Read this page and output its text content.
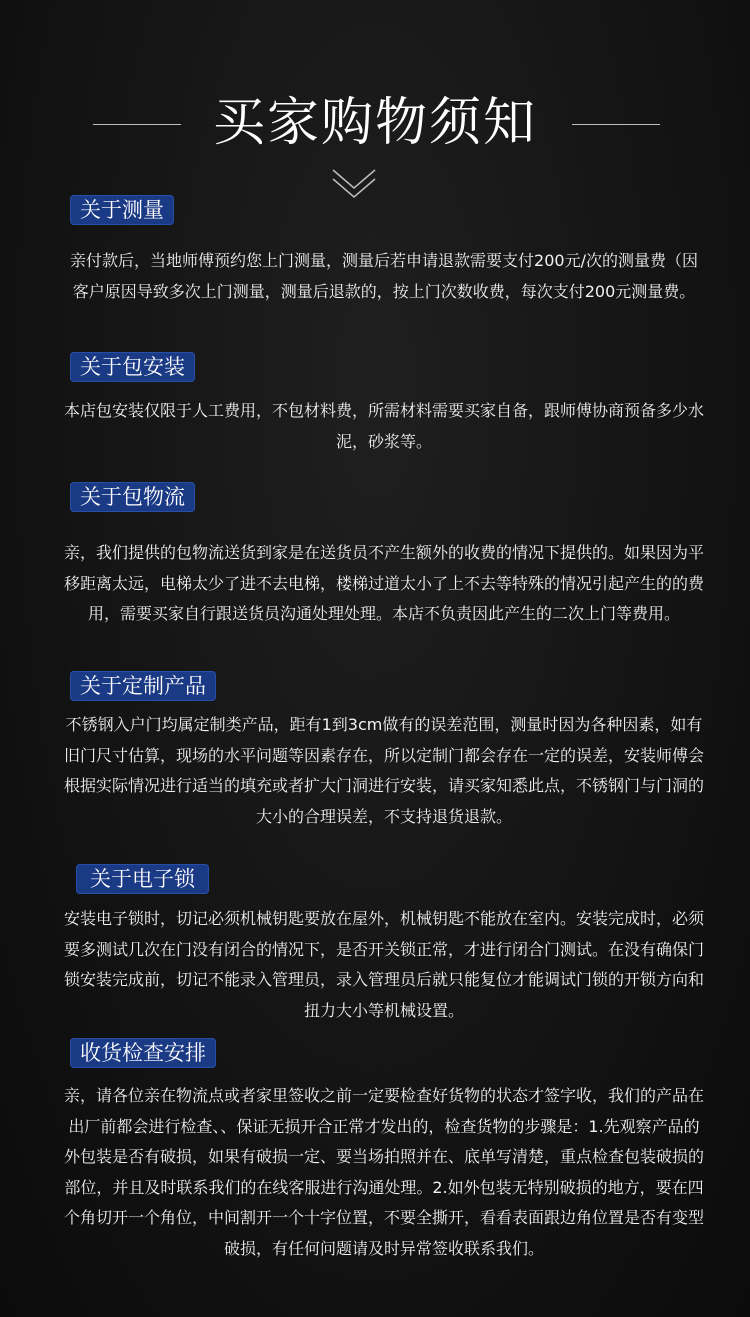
买家购物须知
关于测量
亲付款后，当地师傅预约您上门测量，测量后若申请退款需要支付200元/次的测量费（因客户原因导致多次上门测量，测量后退款的，按上门次数收费，每次支付200元测量费。
关于包安装
本店包安装仅限于人工费用，不包材料费，所需材料需要买家自备，跟师傅协商预备多少水泥，砂浆等。
关于包物流
亲，我们提供的包物流送货到家是在送货员不产生额外的收费的情况下提供的。如果因为平移距离太远，电梯太少了进不去电梯，楼梯过道太小了上不去等特殊的情况引起产生的的费用，需要买家自行跟送货员沟通处理处理。本店不负责因此产生的二次上门等费用。
关于定制产品
不锈钢入户门均属定制类产品，距有1到3cm做有的误差范围，测量时因为各种因素，如有旧门尺寸估算，现场的水平问题等因素存在，所以定制门都会存在一定的误差，安装师傅会根据实际情况进行适当的填充或者扩大门洞进行安装，请买家知悉此点，不锈钢门与门洞的大小的合理误差，不支持退货退款。
关于电子锁
安装电子锁时，切记必须机械钥匙要放在屋外，机械钥匙不能放在室内。安装完成时，必须要多测试几次在门没有闭合的情况下，是否开关锁正常，才进行闭合门测试。在没有确保门锁安装完成前，切记不能录入管理员，录入管理员后就只能复位才能调试门锁的开锁方向和扭力大小等机械设置。
收货检查安排
亲，请各位亲在物流点或者家里签收之前一定要检查好货物的状态才签字收，我们的产品在出厂前都会进行检查、、保证无损开合正常才发出的，检查货物的步骤是：1.先观察产品的外包装是否有破损，如果有破损一定、要当场拍照并在、底单写清楚，重点检查包装破损的部位，并且及时联系我们的在线客服进行沟通处理。2.如外包装无特别破损的地方，要在四个角切开一个角位，中间割开一个十字位置，不要全撕开，看看表面跟边角位置是否有变型破损，有任何问题请及时异常签收联系我们。
